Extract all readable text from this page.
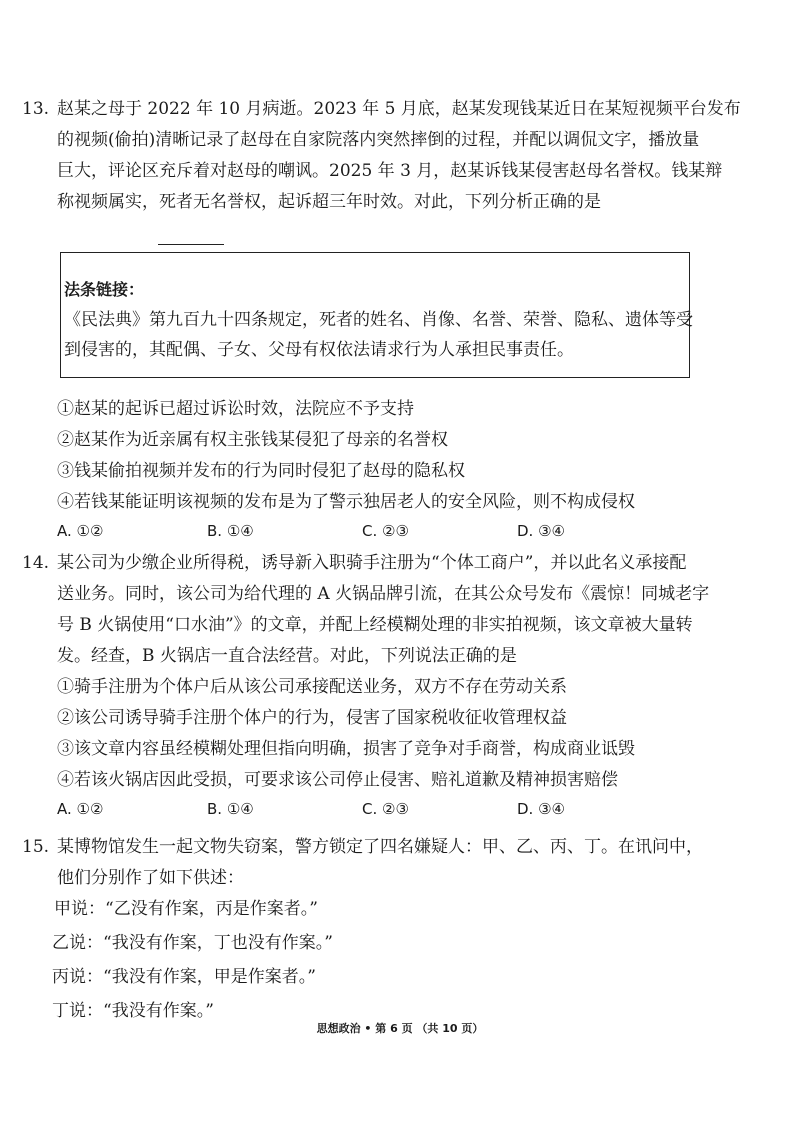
13. 赵某之母于 2022 年 10 月病逝。2023 年 5 月底，赵某发现钱某近日在某短视频平台发布
的视频(偷拍)清晰记录了赵母在自家院落内突然摔倒的过程，并配以调侃文字，播放量
巨大，评论区充斥着对赵母的嘲讽。2025 年 3 月，赵某诉钱某侵害赵母名誉权。钱某辩
称视频属实，死者无名誉权，起诉超三年时效。对此，下列分析正确的是
法条链接：
《民法典》第九百九十四条规定，死者的姓名、肖像、名誉、荣誉、隐私、遗体等受
到侵害的，其配偶、子女、父母有权依法请求行为人承担民事责任。
①赵某的起诉已超过诉讼时效，法院应不予支持
②赵某作为近亲属有权主张钱某侵犯了母亲的名誉权
③钱某偷拍视频并发布的行为同时侵犯了赵母的隐私权
④若钱某能证明该视频的发布是为了警示独居老人的安全风险，则不构成侵权
A. ①②	B. ①④	C. ②③	D. ③④
14. 某公司为少缴企业所得税，诱导新入职骑手注册为“个体工商户”，并以此名义承接配
送业务。同时，该公司为给代理的 A 火锅品牌引流，在其公众号发布《震惊！同城老字
号 B 火锅使用“口水油”》的文章，并配上经模糊处理的非实拍视频，该文章被大量转
发。经查，B 火锅店一直合法经营。对此，下列说法正确的是
①骑手注册为个体户后从该公司承接配送业务，双方不存在劳动关系
②该公司诱导骑手注册个体户的行为，侵害了国家税收征收管理权益
③该文章内容虽经模糊处理但指向明确，损害了竞争对手商誉，构成商业诋毁
④若该火锅店因此受损，可要求该公司停止侵害、赔礼道歉及精神损害赔偿
A. ①②	B. ①④	C. ②③	D. ③④
15. 某博物馆发生一起文物失窃案，警方锁定了四名嫌疑人：甲、乙、丙、丁。在讯问中，
他们分别作了如下供述：
甲说：“乙没有作案，丙是作案者。”
乙说：“我没有作案，丁也没有作案。”
丙说：“我没有作案，甲是作案者。”
丁说：“我没有作案。”
思想政治 • 第 6 页 （共 10 页）
